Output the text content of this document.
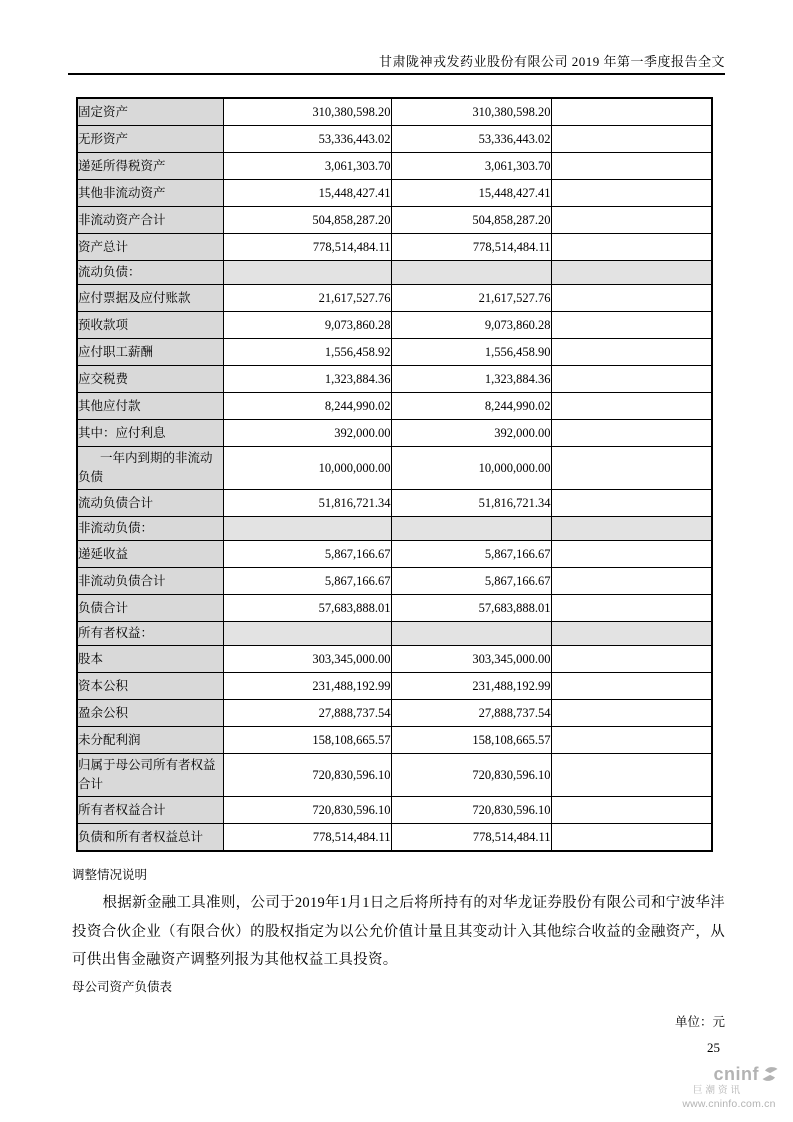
甘肃陇神戎发药业股份有限公司 2019 年第一季度报告全文
固定资产	310,380,598.20	310,380,598.20	
无形资产	53,336,443.02	53,336,443.02	
递延所得税资产	3,061,303.70	3,061,303.70	
其他非流动资产	15,448,427.41	15,448,427.41	
非流动资产合计	504,858,287.20	504,858,287.20	
资产总计	778,514,484.11	778,514,484.11	
流动负债：			
应付票据及应付账款	21,617,527.76	21,617,527.76	
预收款项	9,073,860.28	9,073,860.28	
应付职工薪酬	1,556,458.92	1,556,458.90	
应交税费	1,323,884.36	1,323,884.36	
其他应付款	8,244,990.02	8,244,990.02	
其中：应付利息	392,000.00	392,000.00	
一年内到期的非流动负债	10,000,000.00	10,000,000.00	
流动负债合计	51,816,721.34	51,816,721.34	
非流动负债：			
递延收益	5,867,166.67	5,867,166.67	
非流动负债合计	5,867,166.67	5,867,166.67	
负债合计	57,683,888.01	57,683,888.01	
所有者权益：			
股本	303,345,000.00	303,345,000.00	
资本公积	231,488,192.99	231,488,192.99	
盈余公积	27,888,737.54	27,888,737.54	
未分配利润	158,108,665.57	158,108,665.57	
归属于母公司所有者权益合计	720,830,596.10	720,830,596.10	
所有者权益合计	720,830,596.10	720,830,596.10	
负债和所有者权益总计	778,514,484.11	778,514,484.11	
调整情况说明

根据新金融工具准则，公司于2019年1月1日之后将所持有的对华龙证券股份有限公司和宁波华沣投资合伙企业（有限合伙）的股权指定为以公允价值计量且其变动计入其他综合收益的金融资产，从可供出售金融资产调整列报为其他权益工具投资。

母公司资产负债表
单位：元
25
cninf
巨潮资讯
www.cninfo.com.cn
